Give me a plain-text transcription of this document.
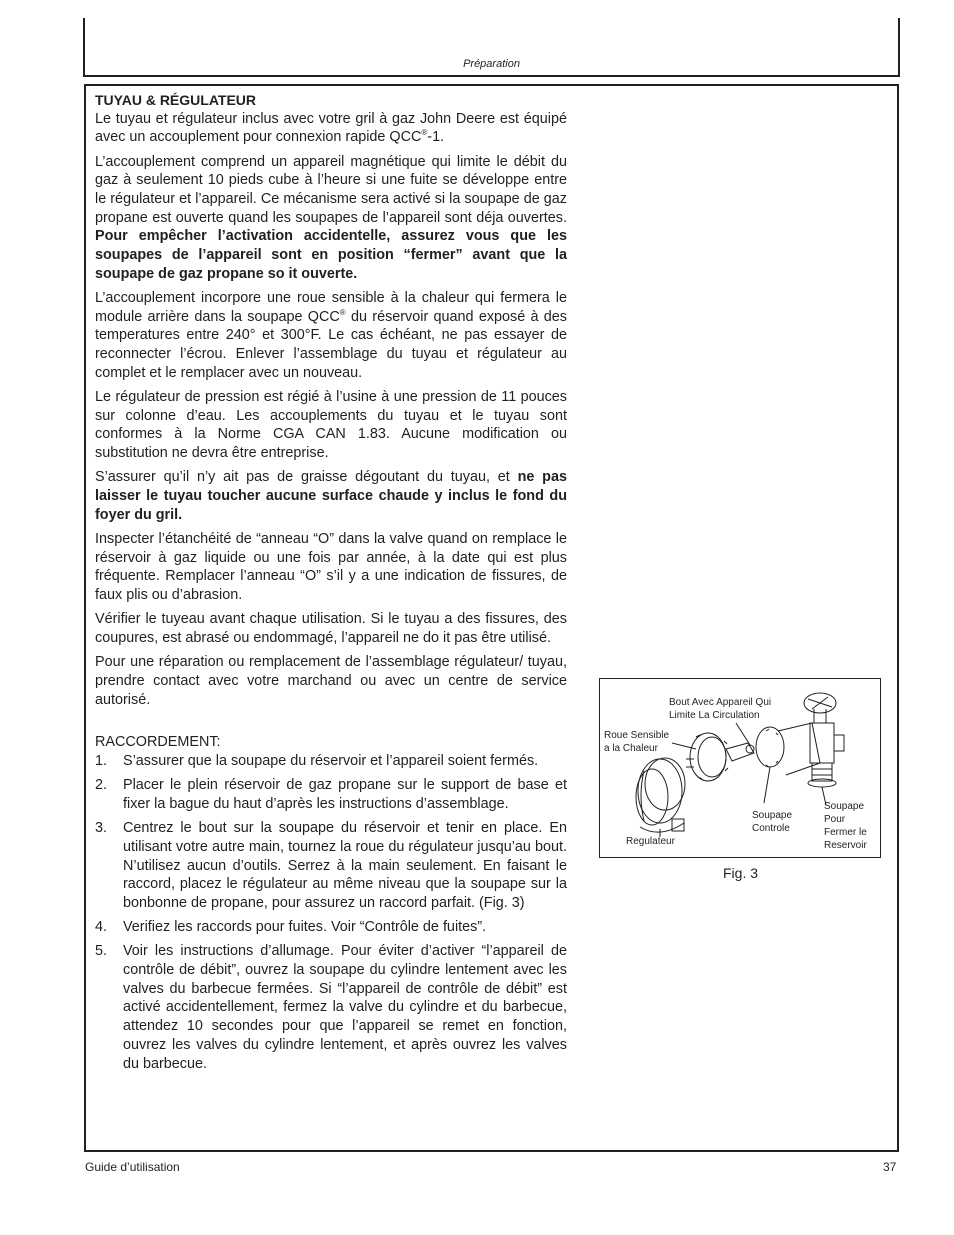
Préparation
TUYAU & RÉGULATEUR

Le tuyau et régulateur inclus avec votre gril à gaz John Deere est équipé avec un accouplement pour connexion rapide QCC®-1.

L’accouplement comprend un appareil magnétique qui limite le débit du gaz à seulement 10 pieds cube à l’heure si une fuite se développe entre le régulateur et l’appareil. Ce mécanisme sera activé si la soupape de gaz propane est ouverte quand les soupapes de l’appareil sont déja ouvertes. Pour empêcher l’activation accidentelle, assurez vous que les soupapes de l’appareil sont en position “fermer” avant que la soupape de gaz propane so it ouverte.

L’accouplement incorpore une roue sensible à la chaleur qui fermera le module arrière dans la soupape QCC® du réservoir quand exposé à des temperatures entre 240° et 300°F. Le cas échéant, ne pas essayer de reconnecter l’écrou. Enlever l’assemblage du tuyau et régulateur au complet et le remplacer avec un nouveau.

Le régulateur de pression est régié à l’usine à une pression de 11 pouces sur colonne d’eau. Les accouplements du tuyau et le tuyau sont conformes à la Norme CGA CAN 1.83. Aucune modification ou substitution ne devra être entreprise.

S’assurer qu’il n’y ait pas de graisse dégoutant du tuyau, et ne pas laisser le tuyau toucher aucune surface chaude y inclus le fond du foyer du gril.

Inspecter l’étanchéité de “anneau “O” dans la valve quand on remplace le réservoir à gaz liquide ou une fois par année, à la date qui est plus fréquente. Remplacer l’anneau “O” s’il y a une indication de fissures, de faux plis ou d’abrasion.

Vérifier le tuyeau avant chaque utilisation. Si le tuyau a des fissures, des coupures, est abrasé ou endommagé, l’appareil ne do it pas être utilisé.

Pour une réparation ou remplacement de l’assemblage régulateur/ tuyau, prendre contact avec votre marchand ou avec un centre de service autorisé.

RACCORDEMENT:
1. S’assurer que la soupape du réservoir et l’appareil soient fermés.
2. Placer le plein réservoir de gaz propane sur le support de base et fixer la bague du haut d’après les instructions d’assemblage.
3. Centrez le bout sur la soupape du réservoir et tenir en place. En utilisant votre autre main, tournez la roue du régulateur jusqu’au bout. N’utilisez aucun d’outils. Serrez à la main seulement. En faisant le raccord, placez le régulateur au même niveau que la soupape sur la bonbonne de propane, pour assurez un raccord parfait. (Fig. 3)
4. Verifiez les raccords pour fuites. Voir “Contrôle de fuites”.
5. Voir les instructions d’allumage. Pour éviter d’activer “l’appareil de contrôle de débit”, ouvrez la soupape du cylindre lentement avec les valves du barbecue fermées. Si “l’appareil de contrôle de débit” est activé accidentellement, fermez la valve du cylindre et du barbecue, attendez 10 secondes pour que l’appareil se remet en fonction, ouvrez les valves du cylindre lentement, et après ouvrez les valves du barbecue.
Bout Avec Appareil Qui
Limite La Circulation
Roue Sensible
a la Chaleur
Soupape
Controle
Soupape
Pour
Fermer le
Reservoir
Regulateur
Fig. 3
Guide d’utilisation	37
